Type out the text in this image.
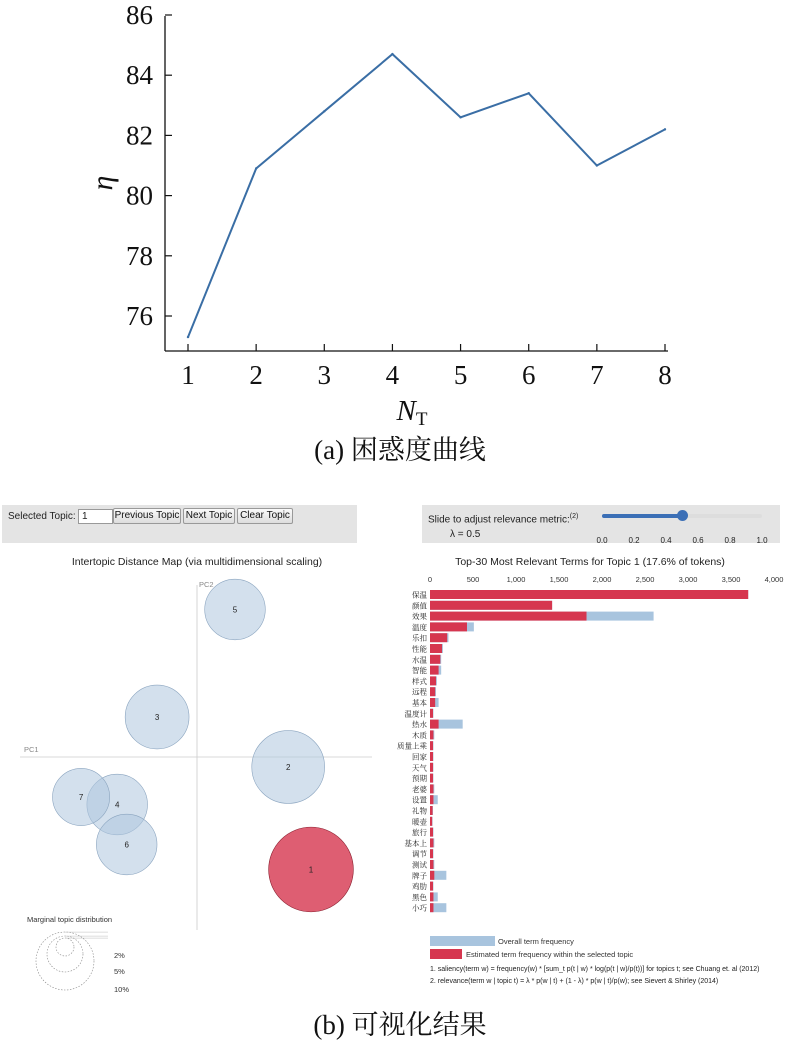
76
78
80
82
84
86
1 2 3 4 5 6 7 8
η
NT
(a) 困惑度曲线
Selected Topic: 1	Previous Topic Next Topic Clear Topic	Slide to adjust relevance metric:$^{(2)}$
λ = 0.5
0.0	0.2	0.4	0.6	0.8	1.0
Intertopic Distance Map (via multidimensional scaling)
PC1
PC2
1
2
3
4
5
6
7
Marginal topic distribution
2%
5%
10%
Top-30 Most Relevant Terms for Topic 1 (17.6% of tokens)
0	500	1,000	1,500	2,000	2,500	3,000	3,500	4,000
保温
颜值
效果
温度
乐扣
性能
水温
智能
样式
远程
基本
温度计
热水
木质
质量上乘
回家
天气
预期
老婆
设置
礼物
暖壶
旅行
基本上
调节
测试
牌子
鸡肋
黑色
小巧
Overall term frequency
Estimated term frequency within the selected topic
1. saliency(term w) = frequency(w) * [sum_t p(t | w) * log(p(t | w)/p(t))] for topics t; see Chuang et. al (2012)
2. relevance(term w | topic t) = λ * p(w | t) + (1 - λ) * p(w | t)/p(w); see Sievert & Shirley (2014)
(b) 可视化结果
